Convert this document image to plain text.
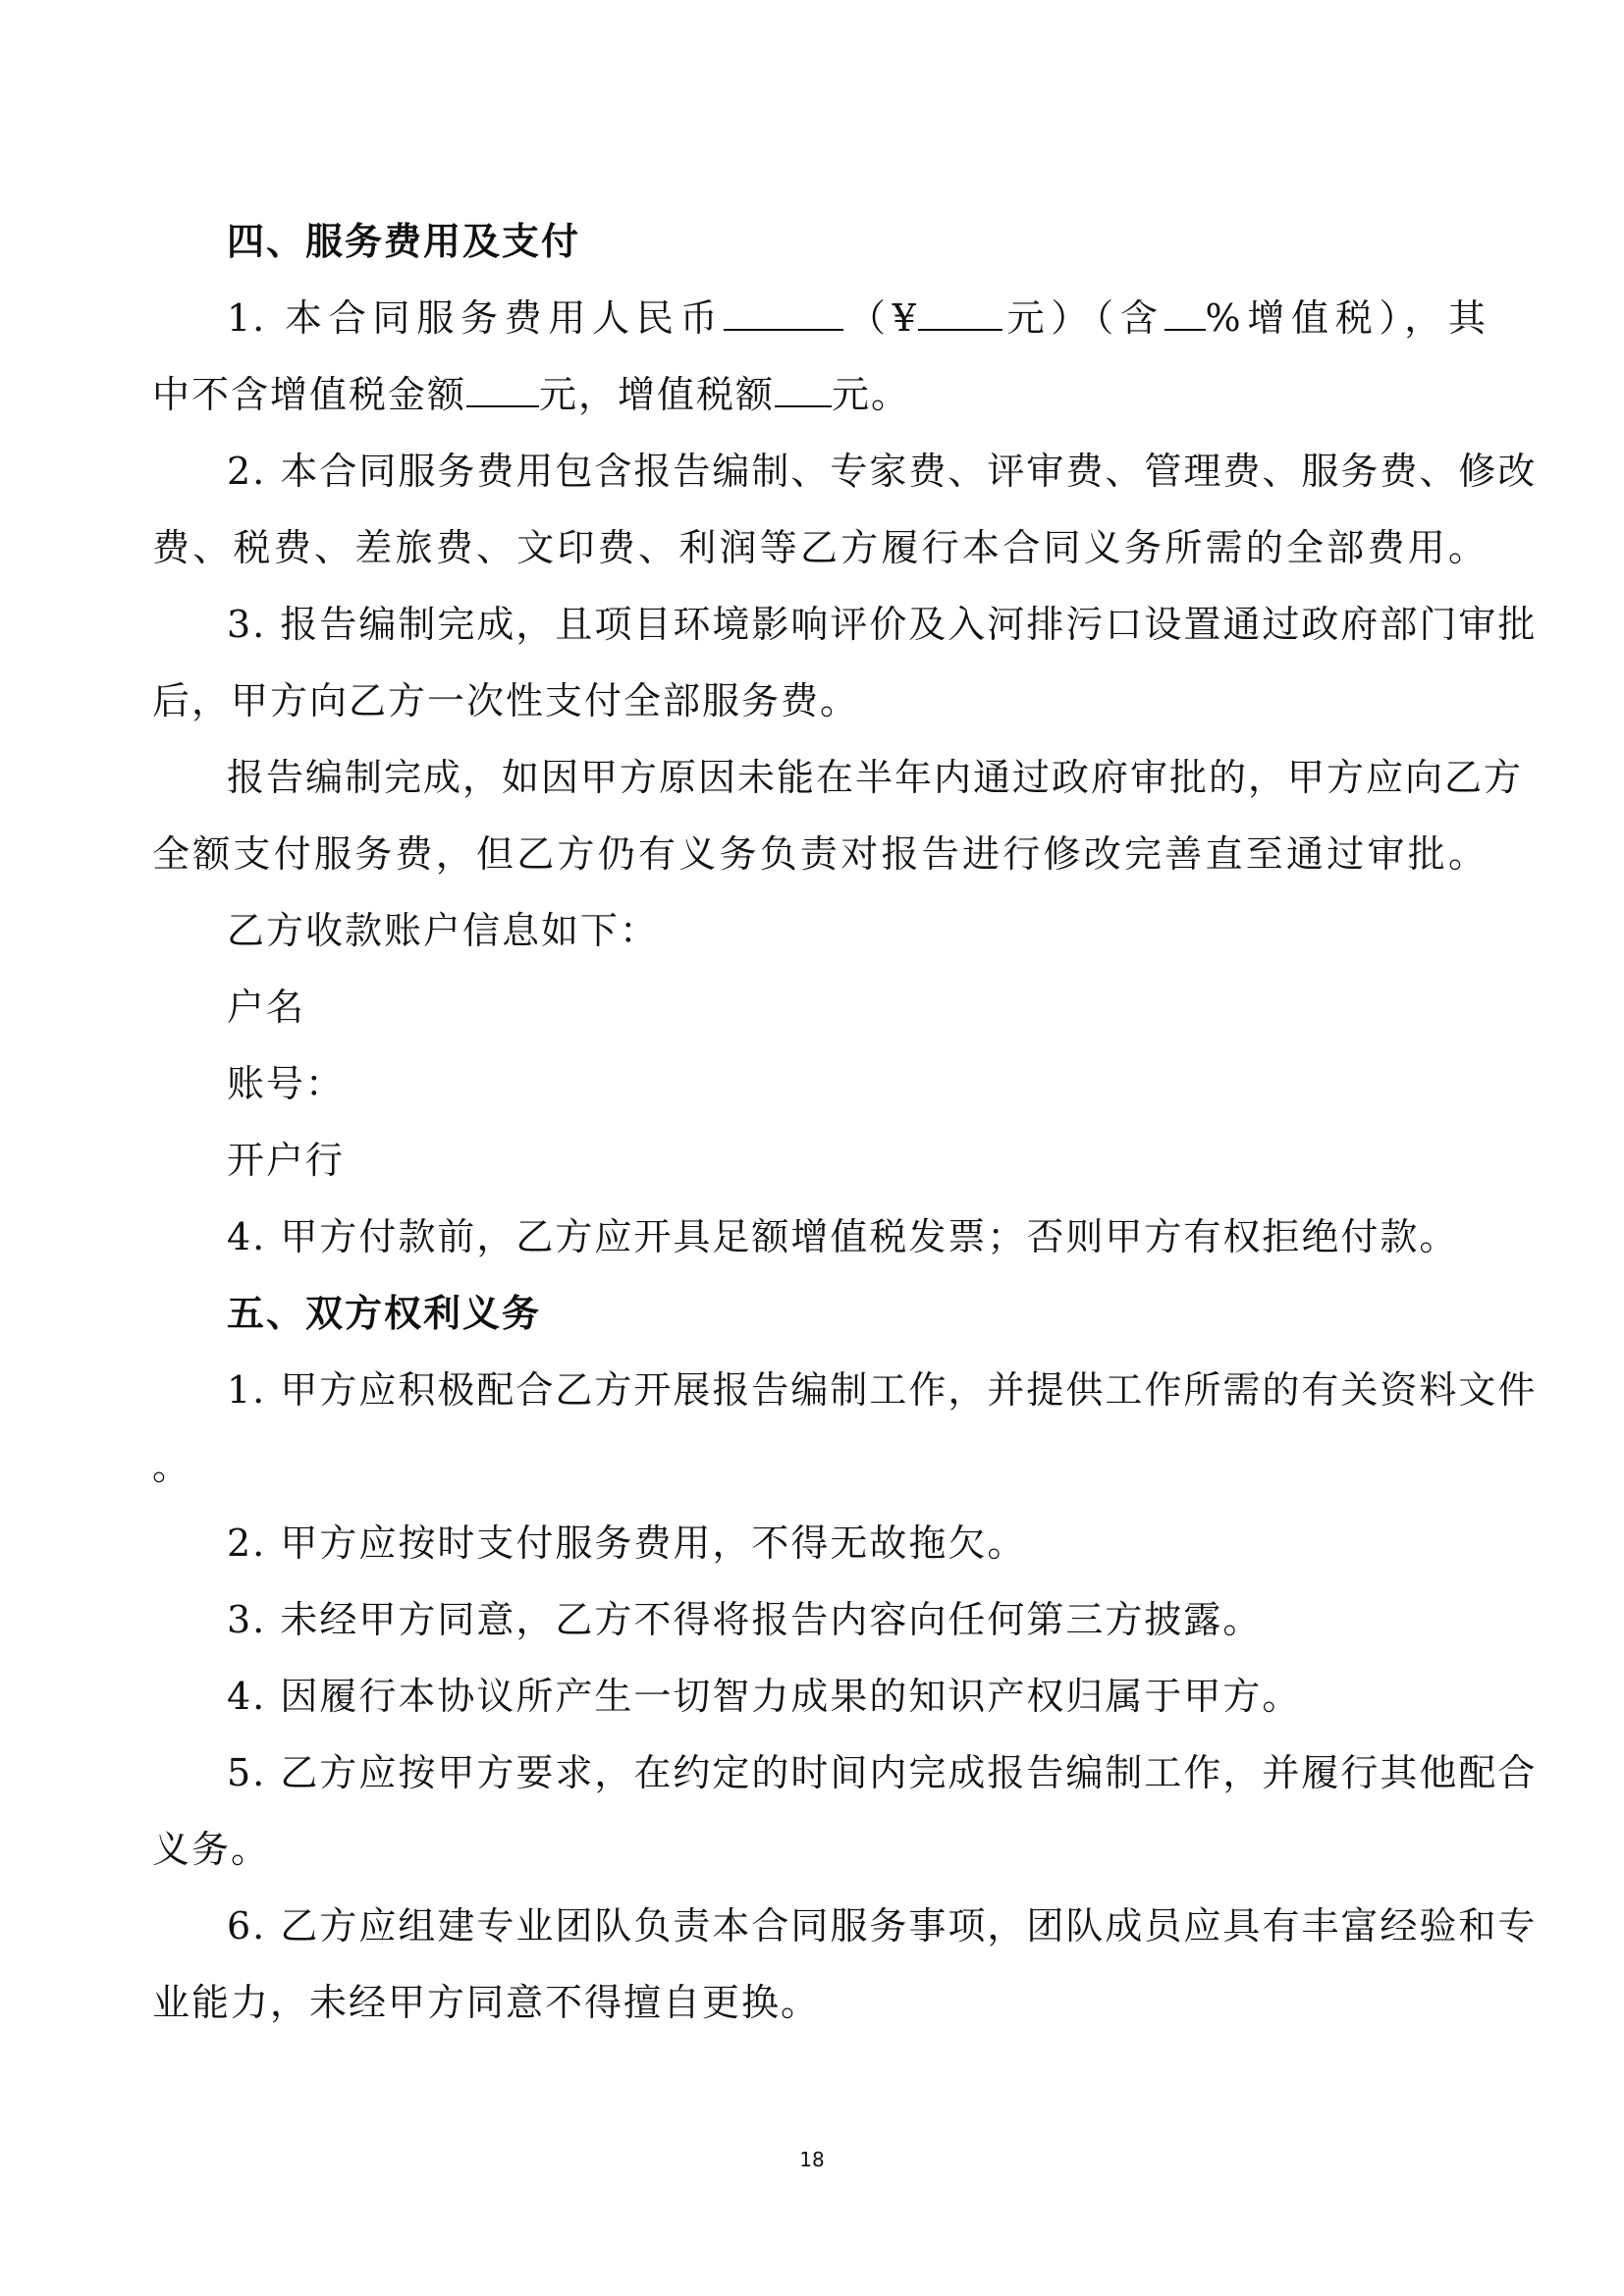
四、服务费用及支付
1. 本合同服务费用人民币	（¥ 元）（含 %增值税），其
中不含增值税金额 元，增值税额 元。
2. 本合同服务费用包含报告编制、专家费、评审费、管理费、服务费、修改
费、税费、差旅费、文印费、利润等乙方履行本合同义务所需的全部费用。
3. 报告编制完成，且项目环境影响评价及入河排污口设置通过政府部门审批
后，甲方向乙方一次性支付全部服务费。
报告编制完成，如因甲方原因未能在半年内通过政府审批的，甲方应向乙方
全额支付服务费，但乙方仍有义务负责对报告进行修改完善直至通过审批。
乙方收款账户信息如下：
户名
账号：
开户行
4. 甲方付款前，乙方应开具足额增值税发票；否则甲方有权拒绝付款。
五、双方权利义务
1. 甲方应积极配合乙方开展报告编制工作，并提供工作所需的有关资料文件
。
2. 甲方应按时支付服务费用，不得无故拖欠。
3. 未经甲方同意，乙方不得将报告内容向任何第三方披露。
4. 因履行本协议所产生一切智力成果的知识产权归属于甲方。
5. 乙方应按甲方要求，在约定的时间内完成报告编制工作，并履行其他配合
义务。
6. 乙方应组建专业团队负责本合同服务事项，团队成员应具有丰富经验和专
业能力，未经甲方同意不得擅自更换。
18
